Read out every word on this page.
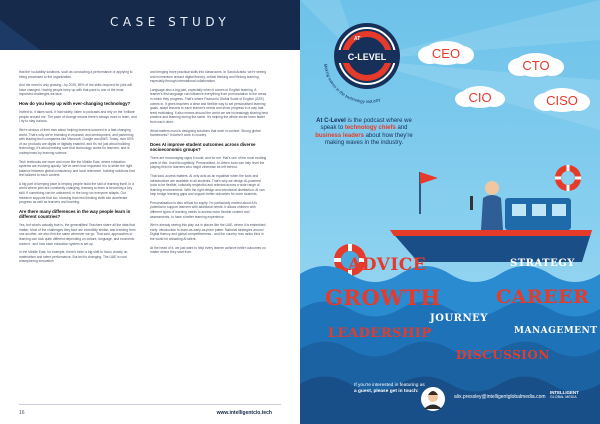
CASE STUDY

that the no-liability solutions, such as conducting a performance or applying to hiring processes to the organization.

And the need is only growing - by 2025, 85% of the skills required for jobs will have changed. Having people keep up with that pace is one of the most important challenges we face.

How do you keep up with ever-changing technology?

Invited to, it takes work. It had widely, listen to podcasts and rely on the 'brilliant' people around me. The pace of change means there's always more to learn, and I try to stay curious.

We're serious of their own about helping learners succeed in a fast-changing world. That's why we're investing in research and development, and partnering with leading tech companies like Microsoft, Google and AWS. Today, over 80% of our products are digital or digitally enabled, and it's not just about building technology, it's about making sure that technology works for learners, and is underpinned by learning science.

Tech textbooks are more and more like the Middle East, where education systems are evolving quickly. We've seen how important it is to strike the right balance between global consistency and local relevance, building solutions that feel tailored to each context.

A big part of keeping pace is helping people build the skill of learning itself. In a world where jobs are constantly changing, learning to learn is becoming a key skill. If something can be unlearned, in the long run everyone adapts. Our research supports that too, showing that new thinking skills can accelerate progress as well as learners and learning.

Are there many differences in the way people learn in different countries?

Yes, but what's actually true is, the generalities! Teachers share all the data that matter. Most of the challenges they face are incredibly similar, and learning from one another, we also find the same wherever we go. That said, approaches to learning can look quite different depending on culture, language, and economic context - and how each education system is set up.

In the Middle East, for example, there's been a big shift to focus closely on materialism and talent performance. But tech's changing. The UAE is now championing innovation

and bringing more practical skills into classrooms. In Saudi Arabia, we're seeing real momentum around digital fluency, critical thinking and lifelong learning, especially through international collaboration.

Language also a big part, especially when it comes to English learning. A learner's first language can influence everything from pronunciation to the areas in which they progress. That's where Pearson's Global Scale of English (GSE) comes in. It gives teachers a clear and flexible way to set personalised learning goals, adapt lessons to each learner's needs and show progress in a way that feels motivating. It also means around the world we are increasingly sharing best practice and learning during the same. It's helping the whole sector learn faster from each other.

What matters most is designing solutions that work in context. Strong global frameworks? It doesn't work in country.

Does AI improve student outcomes across diverse socioeconomic groups?

There are encouraging signs it could, and for me, that's one of the most exciting parts of this. Used thoughtfully, Personalised, AI-driven tools can help level the playing field for learners who might otherwise be left behind.

That said, access matters. AI only acts as an equaliser when the tools and infrastructure are available to all students. That's why we design AI-powered tools to be flexible, culturally respectful and relevant across a wide range of learning environments. With the right design and intentional distribution, AI can help bridge learning gaps and support better outcomes for more students.

Personalisation is also critical for equity. I'm particularly excited about AI's potential to support learners with additional needs. It allows children with different types of learning needs to access more flexible content and assessments, to have a better learning experience.

We're already seeing this play out in places like the UAE, where it is embedded early: introduction to learn-as-early-as-prem patter. National strategies around Digital fluency and global competitiveness - and the country now ranks third in the world for attracting AI talent.

At the heart of it, we just want to help every learner achieve better outcomes no matter where they start from.

16	www.intelligentcio.tech
C-LEVEL
AT
Making waves in the technology industry
CEO
CTO
CIO	CISO
At C-Level is the podcast where we speak to technology chiefs and business leaders about how they're making waves in the industry.
ADVICE	STRATEGY
GROWTH	CAREER
JOURNEY
LEADERSHIP	MANAGEMENT
DISCUSSION
If you're interested in featuring as
a guest, please get in touch:
alix.pressley@intelligentglobalmedia.com
INTELLIGENT
GLOBAL MEDIA
